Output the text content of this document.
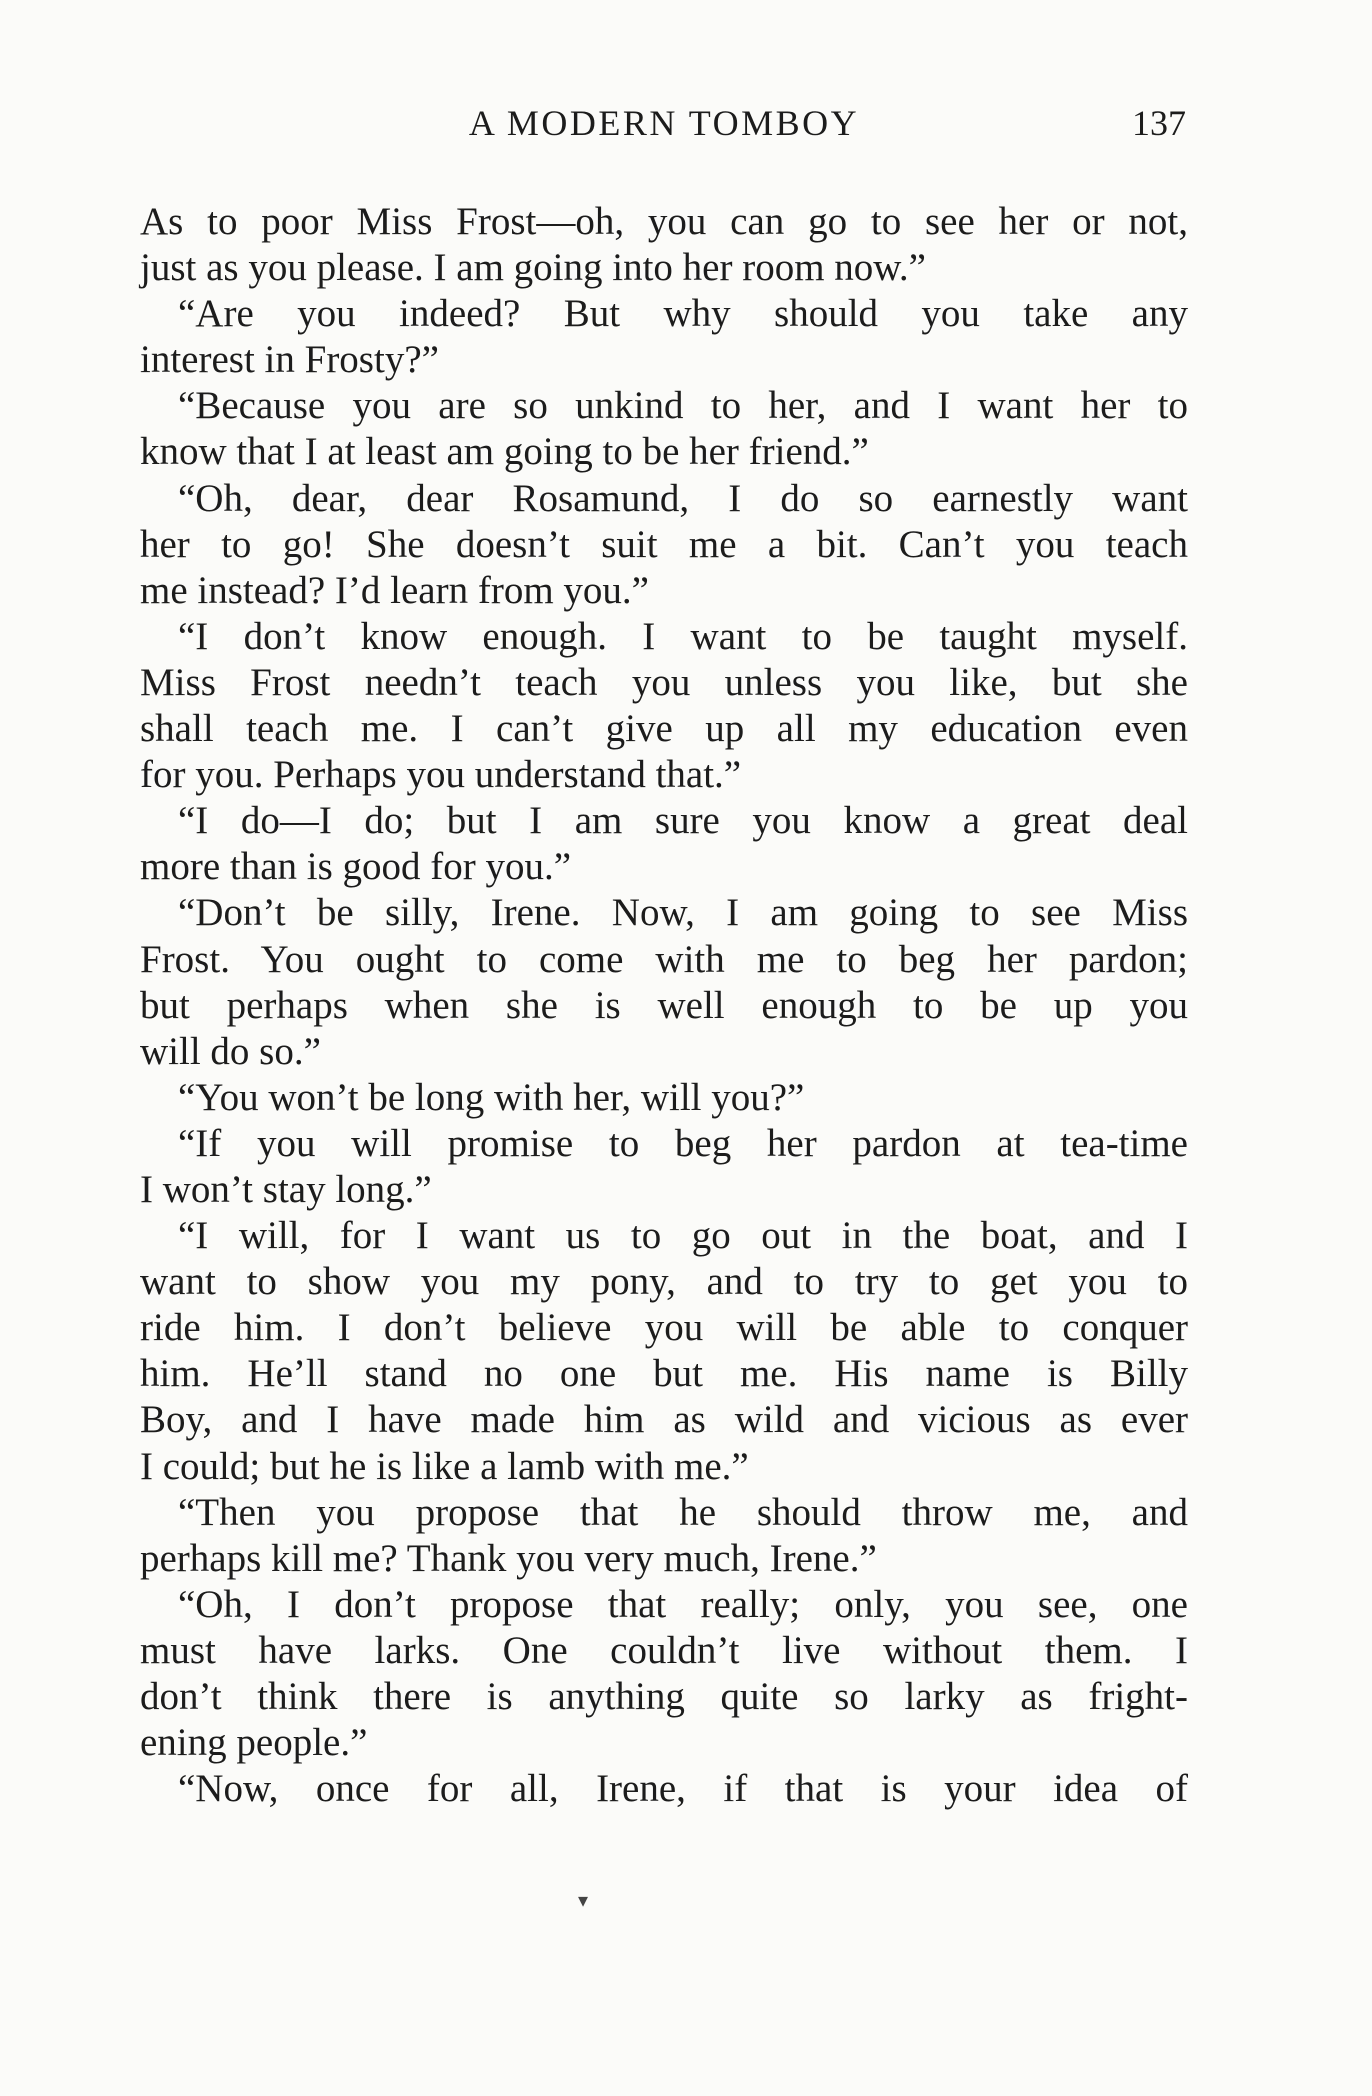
A MODERN TOMBOY	137
As to poor Miss Frost—oh, you can go to see her or not,
just as you please. I am going into her room now.”
“Are you indeed? But why should you take any
interest in Frosty?”
“Because you are so unkind to her, and I want her to
know that I at least am going to be her friend.”
“Oh, dear, dear Rosamund, I do so earnestly want
her to go! She doesn’t suit me a bit. Can’t you teach
me instead? I’d learn from you.”
“I don’t know enough. I want to be taught myself.
Miss Frost needn’t teach you unless you like, but she
shall teach me. I can’t give up all my education even
for you. Perhaps you understand that.”
“I do—I do; but I am sure you know a great deal
more than is good for you.”
“Don’t be silly, Irene. Now, I am going to see Miss
Frost. You ought to come with me to beg her pardon;
but perhaps when she is well enough to be up you
will do so.”
“You won’t be long with her, will you?”
“If you will promise to beg her pardon at tea-time
I won’t stay long.”
“I will, for I want us to go out in the boat, and I
want to show you my pony, and to try to get you to
ride him. I don’t believe you will be able to conquer
him. He’ll stand no one but me. His name is Billy
Boy, and I have made him as wild and vicious as ever
I could; but he is like a lamb with me.”
“Then you propose that he should throw me, and
perhaps kill me? Thank you very much, Irene.”
“Oh, I don’t propose that really; only, you see, one
must have larks. One couldn’t live without them. I
don’t think there is anything quite so larky as fright-
ening people.”
“Now, once for all, Irene, if that is your idea of
▾
